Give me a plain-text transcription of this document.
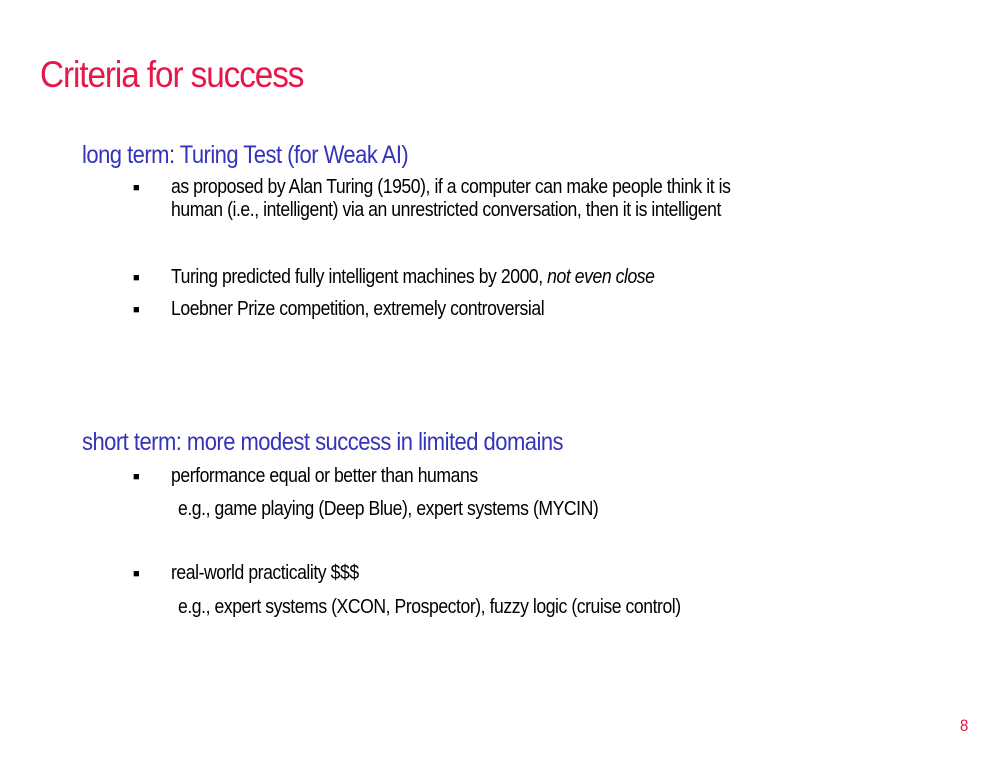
Criteria for success
long term: Turing Test (for Weak AI)
■ as proposed by Alan Turing (1950), if a computer can make people think it is

human (i.e., intelligent) via an unrestricted conversation, then it is intelligent

■ Turing predicted fully intelligent machines by 2000, not even close

■ Loebner Prize competition, extremely controversial

short term: more modest success in limited domains
■ performance equal or better than humans

e.g., game playing (Deep Blue), expert systems (MYCIN)

■ real-world practicality $$$

e.g., expert systems (XCON, Prospector), fuzzy logic (cruise control)

8
